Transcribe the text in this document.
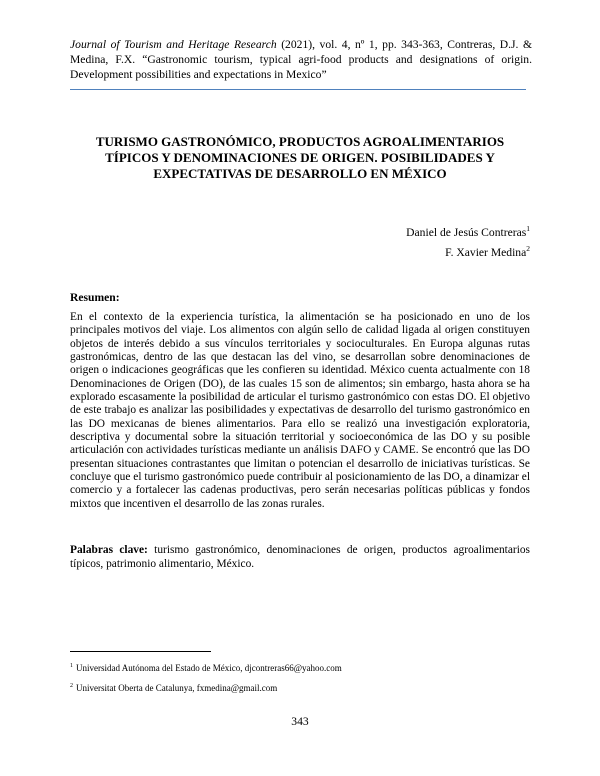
Journal of Tourism and Heritage Research (2021), vol. 4, nº 1, pp. 343-363, Contreras, D.J. & Medina, F.X. “Gastronomic tourism, typical agri-food products and designations of origin. Development possibilities and expectations in Mexico”
TURISMO GASTRONÓMICO, PRODUCTOS AGROALIMENTARIOS TÍPICOS Y DENOMINACIONES DE ORIGEN. POSIBILIDADES Y EXPECTATIVAS DE DESARROLLO EN MÉXICO
Daniel de Jesús Contreras$^1$
F. Xavier Medina$^2$
Resumen:

En el contexto de la experiencia turística, la alimentación se ha posicionado en uno de los principales motivos del viaje. Los alimentos con algún sello de calidad ligada al origen constituyen objetos de interés debido a sus vínculos territoriales y socioculturales. En Europa algunas rutas gastronómicas, dentro de las que destacan las del vino, se desarrollan sobre denominaciones de origen o indicaciones geográficas que les confieren su identidad. México cuenta actualmente con 18 Denominaciones de Origen (DO), de las cuales 15 son de alimentos; sin embargo, hasta ahora se ha explorado escasamente la posibilidad de articular el turismo gastronómico con estas DO. El objetivo de este trabajo es analizar las posibilidades y expectativas de desarrollo del turismo gastronómico en las DO mexicanas de bienes alimentarios. Para ello se realizó una investigación exploratoria, descriptiva y documental sobre la situación territorial y socioeconómica de las DO y su posible articulación con actividades turísticas mediante un análisis DAFO y CAME. Se encontró que las DO presentan situaciones contrastantes que limitan o potencian el desarrollo de iniciativas turísticas. Se concluye que el turismo gastronómico puede contribuir al posicionamiento de las DO, a dinamizar el comercio y a fortalecer las cadenas productivas, pero serán necesarias políticas públicas y fondos mixtos que incentiven el desarrollo de las zonas rurales.

Palabras clave: turismo gastronómico, denominaciones de origen, productos agroalimentarios típicos, patrimonio alimentario, México.

$^1$ Universidad Autónoma del Estado de México, djcontreras66@yahoo.com
$^2$ Universitat Oberta de Catalunya, fxmedina@gmail.com
343
